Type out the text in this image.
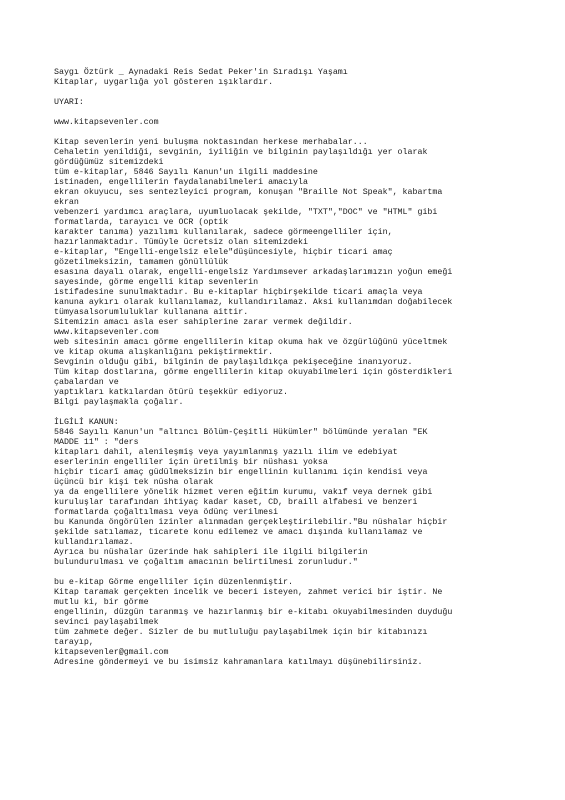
Saygı Öztürk _ Aynadaki Reis Sedat Peker'in Sıradışı Yaşamı
Kitaplar, uygarlığa yol gösteren ışıklardır.
UYARI:
www.kitapsevenler.com
Kitap sevenlerin yeni buluşma noktasından herkese merhabalar...
Cehaletin yenildiği, sevginin, iyiliğin ve bilginin paylaşıldığı yer olarak
gördüğümüz sitemizdeki
tüm e-kitaplar, 5846 Sayılı Kanun'un ilgili maddesine
istinaden, engellilerin faydalanabilmeleri amacıyla
ekran okuyucu, ses sentezleyici program, konuşan "Braille Not Speak", kabartma
ekran
vebenzeri yardımcı araçlara, uyumluolacak şekilde, "TXT","DOC" ve "HTML" gibi
formatlarda, tarayıcı ve OCR (optik
karakter tanıma) yazılımı kullanılarak, sadece görmeengelliler için,
hazırlanmaktadır. Tümüyle ücretsiz olan sitemizdeki
e-kitaplar, "Engelli-engelsiz elele"düşüncesiyle, hiçbir ticari amaç
gözetilmeksizin, tamamen gönüllülük
esasına dayalı olarak, engelli-engelsiz Yardımsever arkadaşlarımızın yoğun emeği
sayesinde, görme engelli kitap sevenlerin
istifadesine sunulmaktadır. Bu e-kitaplar hiçbirşekilde ticari amaçla veya
kanuna aykırı olarak kullanılamaz, kullandırılamaz. Aksi kullanımdan doğabilecek
tümyasalsorumluluklar kullanana aittir.
Sitemizin amacı asla eser sahiplerine zarar vermek değildir.
www.kitapsevenler.com
web sitesinin amacı görme engellilerin kitap okuma hak ve özgürlüğünü yüceltmek
ve kitap okuma alışkanlığını pekiştirmektir.
Sevginin olduğu gibi, bilginin de paylaşıldıkça pekişeceğine inanıyoruz.
Tüm kitap dostlarına, görme engellilerin kitap okuyabilmeleri için gösterdikleri
çabalardan ve
yaptıkları katkılardan ötürü teşekkür ediyoruz.
Bilgi paylaşmakla çoğalır.
İLGİLİ KANUN:
5846 Sayılı Kanun'un "altıncı Bölüm-Çeşitli Hükümler" bölümünde yeralan "EK
MADDE 11" : "ders
kitapları dahil, alenileşmiş veya yayımlanmış yazılı ilim ve edebiyat
eserlerinin engelliler için üretilmiş bir nüshası yoksa
hiçbir ticarî amaç güdülmeksizin bir engellinin kullanımı için kendisi veya
üçüncü bir kişi tek nüsha olarak
ya da engellilere yönelik hizmet veren eğitim kurumu, vakıf veya dernek gibi
kuruluşlar tarafından ihtiyaç kadar kaset, CD, braill alfabesi ve benzeri
formatlarda çoğaltılması veya ödünç verilmesi
bu Kanunda öngörülen izinler alınmadan gerçekleştirilebilir."Bu nüshalar hiçbir
şekilde satılamaz, ticarete konu edilemez ve amacı dışında kullanılamaz ve
kullandırılamaz.
Ayrıca bu nüshalar üzerinde hak sahipleri ile ilgili bilgilerin
bulundurulması ve çoğaltım amacının belirtilmesi zorunludur."
bu e-kitap Görme engelliler için düzenlenmiştir.
Kitap taramak gerçekten incelik ve beceri isteyen, zahmet verici bir iştir. Ne
mutlu ki, bir görme
engellinin, düzgün taranmış ve hazırlanmış bir e-kitabı okuyabilmesinden duyduğu
sevinci paylaşabilmek
tüm zahmete değer. Sizler de bu mutluluğu paylaşabilmek için bir kitabınızı
tarayıp,
kitapsevenler@gmail.com
Adresine göndermeyi ve bu isimsiz kahramanlara katılmayı düşünebilirsiniz.
